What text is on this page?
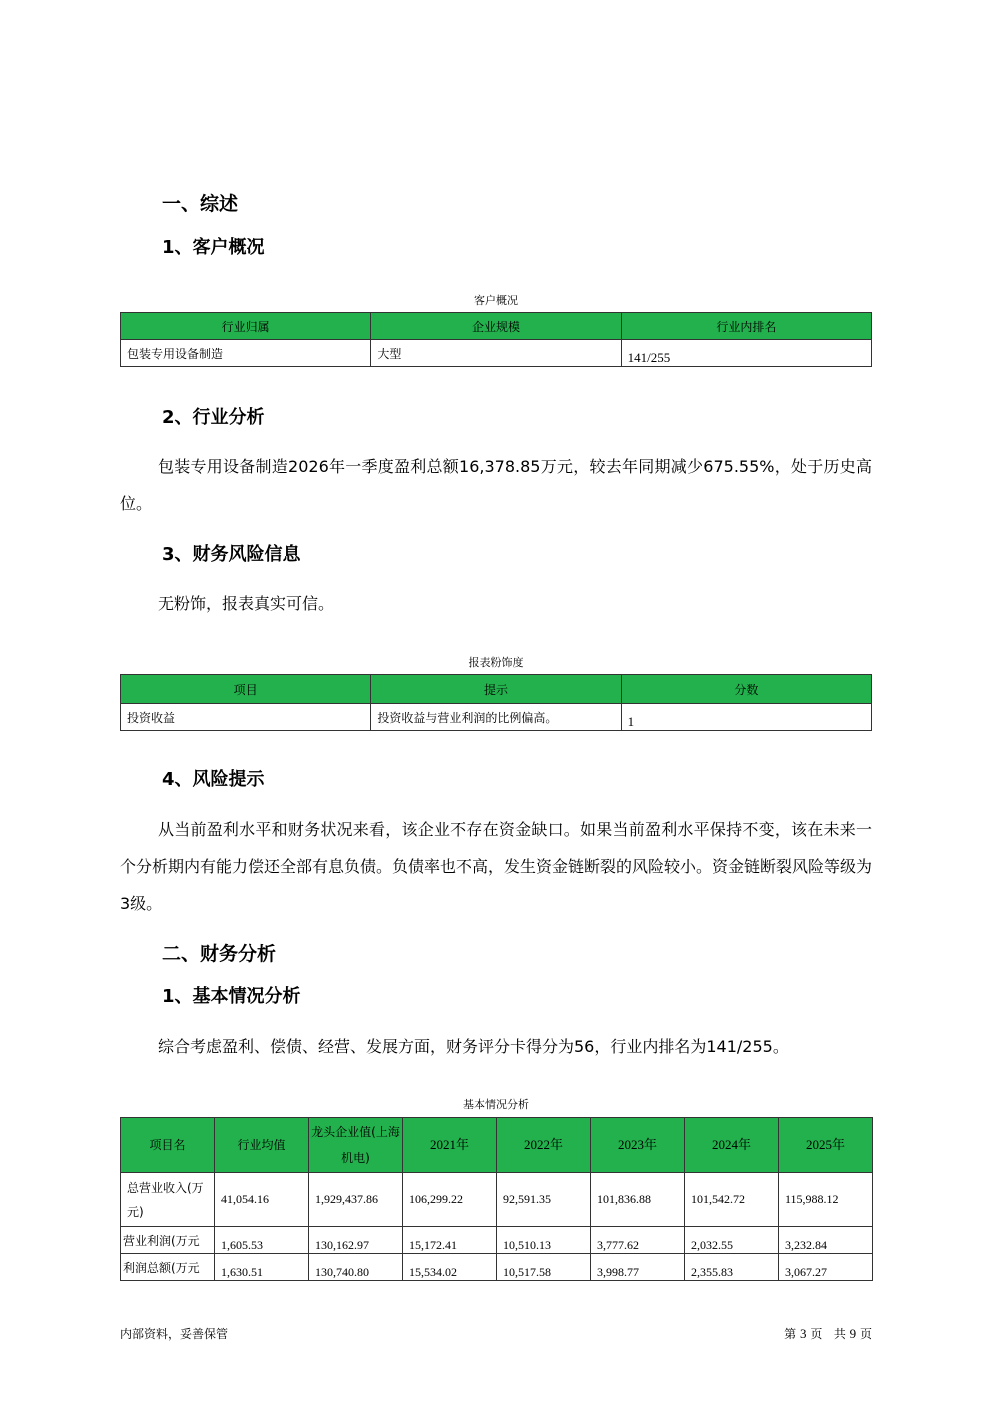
一、综述
1、客户概况

客户概况

行业归属	企业规模	行业内排名
包装专用设备制造	大型	141/255
2、行业分析

包装专用设备制造2026年一季度盈利总额16,378.85万元，较去年同期减少675.55%，处于历史高位。

3、财务风险信息

无粉饰，报表真实可信。

报表粉饰度

项目	提示	分数
投资收益	投资收益与营业利润的比例偏高。	1
4、风险提示

从当前盈利水平和财务状况来看，该企业不存在资金缺口。如果当前盈利水平保持不变，该在未来一个分析期内有能力偿还全部有息负债。负债率也不高，发生资金链断裂的风险较小。资金链断裂风险等级为3级。

二、财务分析
1、基本情况分析

综合考虑盈利、偿债、经营、发展方面，财务评分卡得分为56，行业内排名为141/255。

基本情况分析

项目名	行业均值	龙头企业值(上海机电)	2021年	2022年	2023年	2024年	2025年
总营业收入(万元)	41,054.16	1,929,437.86	106,299.22	92,591.35	101,836.88	101,542.72	115,988.12
营业利润(万元	1,605.53	130,162.97	15,172.41	10,510.13	3,777.62	2,032.55	3,232.84
利润总额(万元	1,630.51	130,740.80	15,534.02	10,517.58	3,998.77	2,355.83	3,067.27

内部资料，妥善保管	第 3 页 共 9 页
